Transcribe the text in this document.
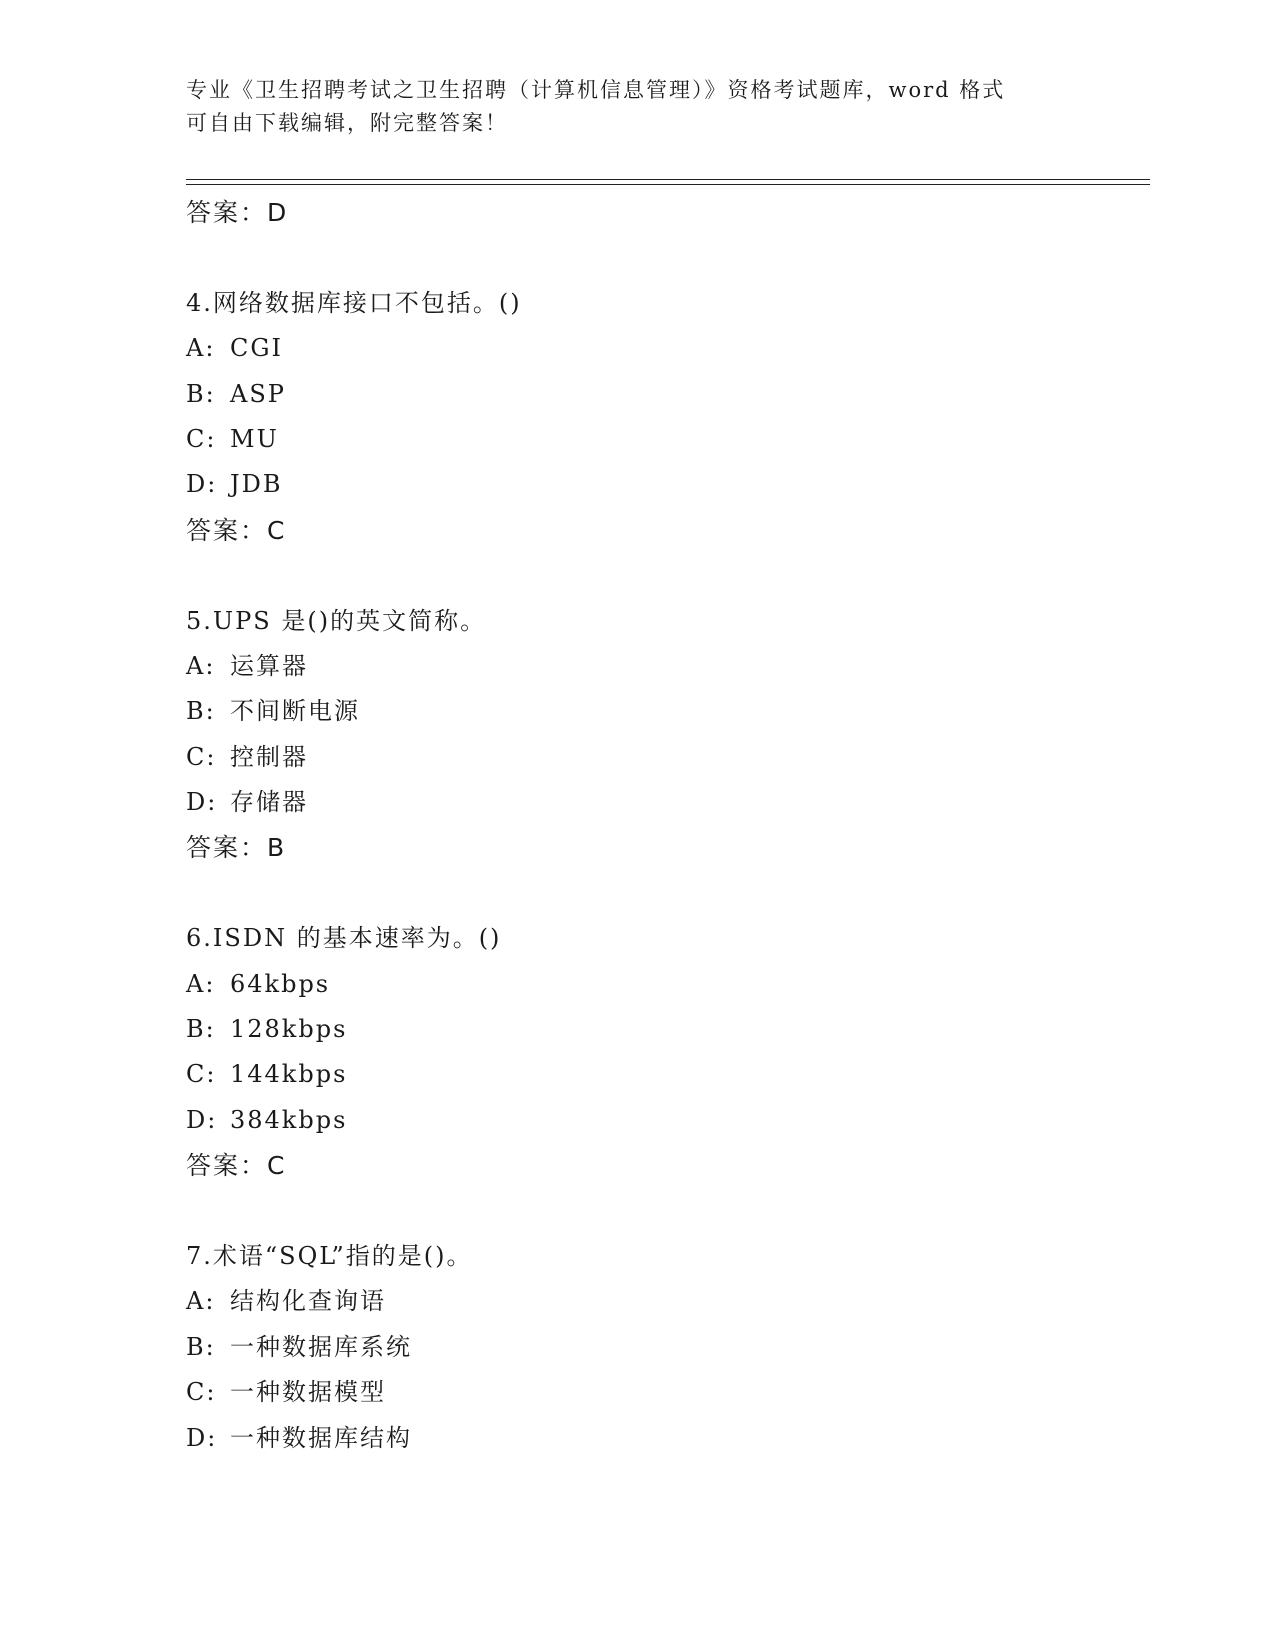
专业《卫生招聘考试之卫生招聘（计算机信息管理）》资格考试题库，word 格式
可自由下载编辑，附完整答案！
答案：D
4.网络数据库接口不包括。()
A: CGI
B: ASP
C: MU
D: JDB
答案：C
5.UPS 是()的英文简称。
A: 运算器
B: 不间断电源
C: 控制器
D: 存储器
答案：B
6.ISDN 的基本速率为。()
A: 64kbps
B: 128kbps
C: 144kbps
D: 384kbps
答案：C
7.术语“SQL”指的是()。
A: 结构化查询语
B: 一种数据库系统
C: 一种数据模型
D: 一种数据库结构
